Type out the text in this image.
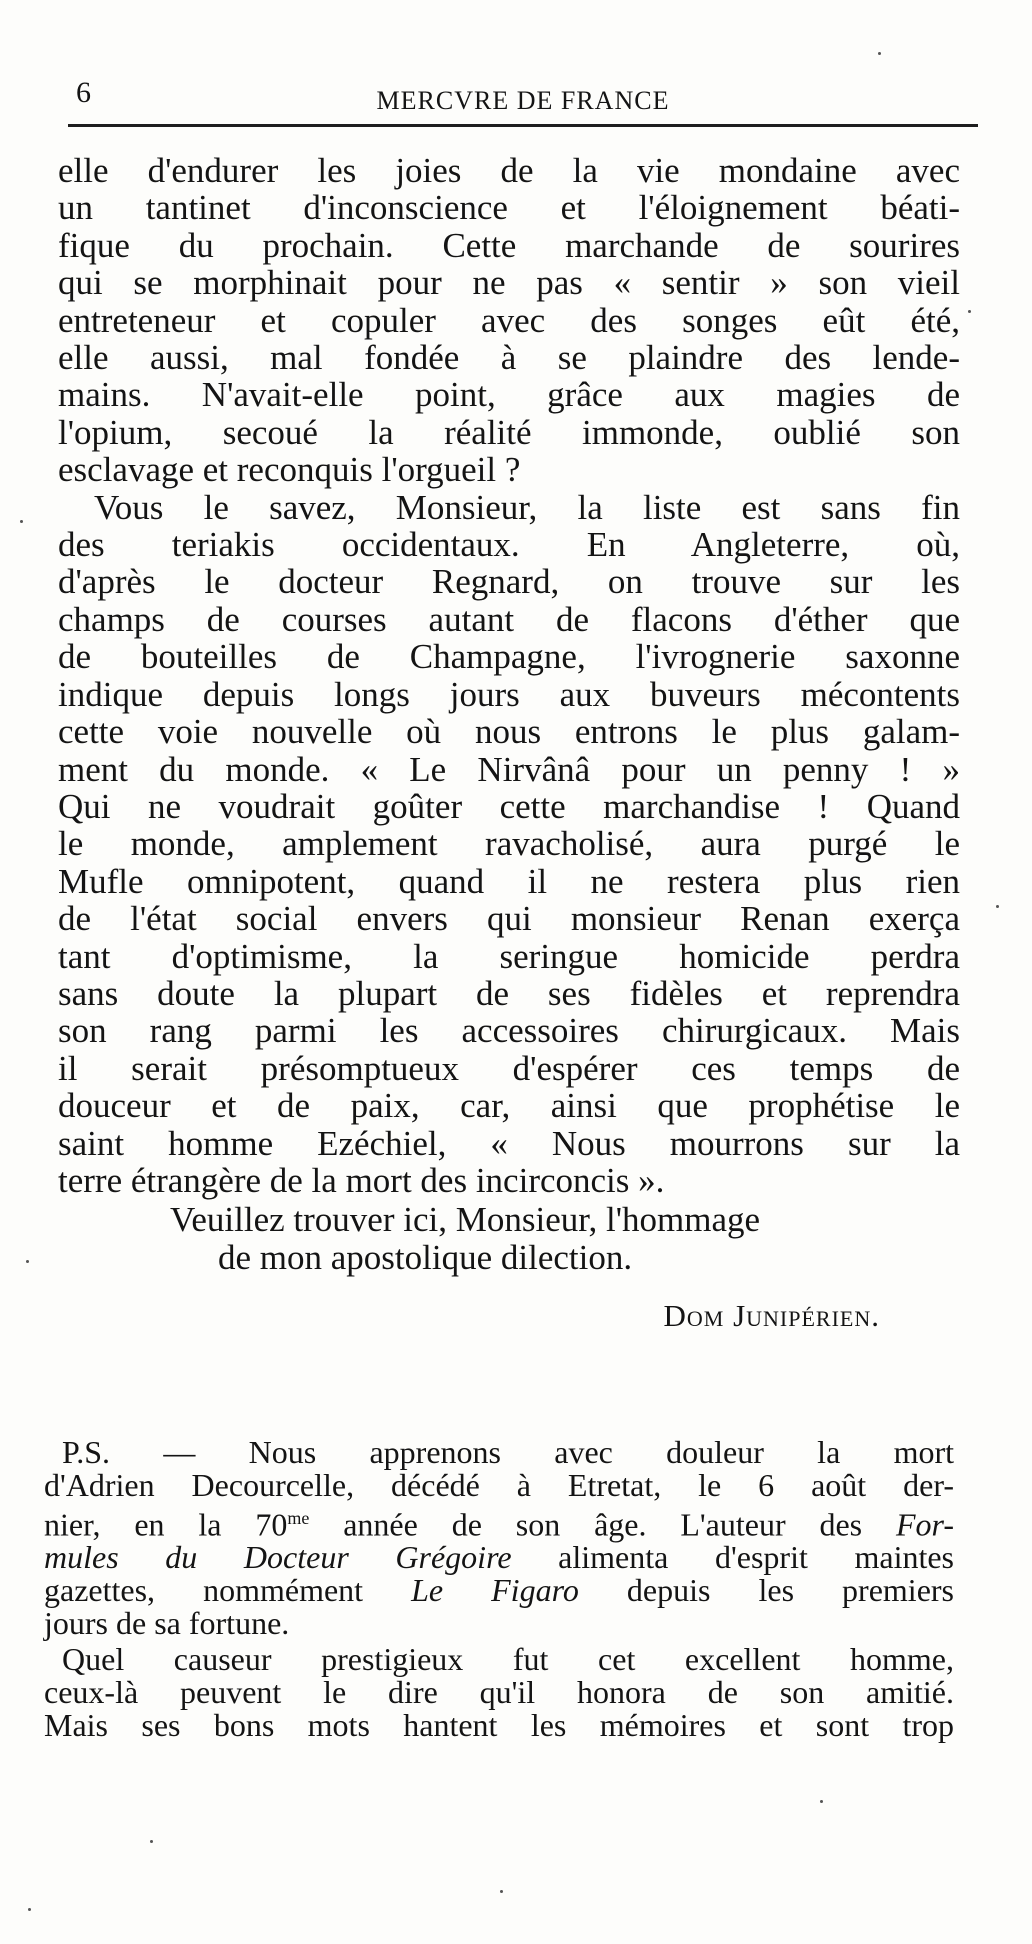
6	MERCVRE DE FRANCE

elle d'endurer les joies de la vie mondaine avec
un tantinet d'inconscience et l'éloignement béati-
fique du prochain. Cette marchande de sourires
qui se morphinait pour ne pas « sentir » son vieil
entreteneur et copuler avec des songes eût été,
elle aussi, mal fondée à se plaindre des lende-
mains. N'avait-elle point, grâce aux magies de
l'opium, secoué la réalité immonde, oublié son
esclavage et reconquis l'orgueil ?

Vous le savez, Monsieur, la liste est sans fin
des teriakis occidentaux. En Angleterre, où,
d'après le docteur Regnard, on trouve sur les
champs de courses autant de flacons d'éther que
de bouteilles de Champagne, l'ivrognerie saxonne
indique depuis longs jours aux buveurs mécontents
cette voie nouvelle où nous entrons le plus galam-
ment du monde. « Le Nirvânâ pour un penny ! »
Qui ne voudrait goûter cette marchandise ! Quand
le monde, amplement ravacholisé, aura purgé le
Mufle omnipotent, quand il ne restera plus rien
de l'état social envers qui monsieur Renan exerça
tant d'optimisme, la seringue homicide perdra
sans doute la plupart de ses fidèles et reprendra
son rang parmi les accessoires chirurgicaux. Mais
il serait présomptueux d'espérer ces temps de
douceur et de paix, car, ainsi que prophétise le
saint homme Ezéchiel, « Nous mourrons sur la
terre étrangère de la mort des incirconcis ».

Veuillez trouver ici, Monsieur, l'hommage
de mon apostolique dilection.

Dom Junipérien.

P.S. — Nous apprenons avec douleur la mort
d'Adrien Decourcelle, décédé à Etretat, le 6 août der-
nier, en la $70^{me}$ année de son âge. L'auteur des For-
mules du Docteur Grégoire alimenta d'esprit maintes
gazettes, nommément Le Figaro depuis les premiers
jours de sa fortune.

Quel causeur prestigieux fut cet excellent homme,
ceux-là peuvent le dire qu'il honora de son amitié.
Mais ses bons mots hantent les mémoires et sont trop
